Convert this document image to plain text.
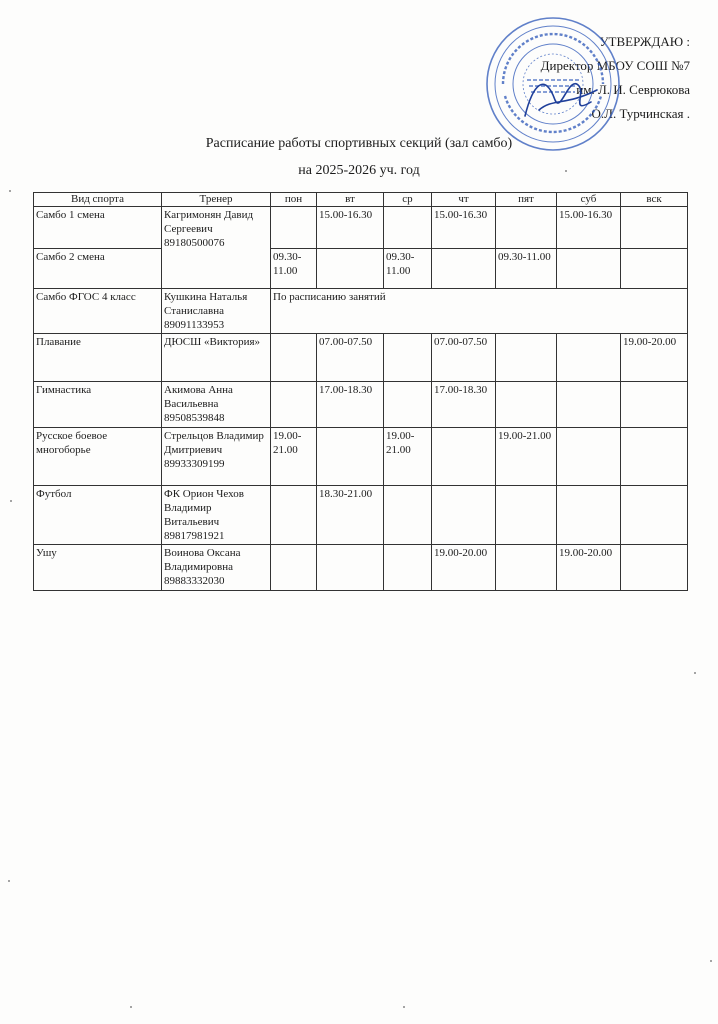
УТВЕРЖДАЮ :
Директор МБОУ СОШ №7
им. Л. И. Севрюкова
О.Л. Турчинская .
Расписание работы спортивных секций (зал самбо)
на 2025-2026 уч. год
Вид спорта	Тренер	пон	вт	ср	чт	пят	суб	вск
Самбо 1 смена	Кагримонян Давид Сергеевич 89180500076		15.00-16.30		15.00-16.30		15.00-16.30	
Самбо 2 смена		09.30-11.00		09.30-11.00		09.30-11.00		
Самбо ФГОС 4 класс	Кушкина Наталья Станиславна 89091133953	По расписанию занятий						
Плавание	ДЮСШ «Виктория»		07.00-07.50		07.00-07.50			19.00-20.00
Гимнастика	Акимова Анна Васильевна 89508539848		17.00-18.30		17.00-18.30			
Русское боевое многоборье	Стрельцов Владимир Дмитриевич 89933309199	19.00-21.00		19.00-21.00		19.00-21.00		
Футбол	ФК Орион Чехов Владимир Витальевич 89817981921		18.30-21.00					
Ушу	Воинова Оксана Владимировна 89883332030				19.00-20.00		19.00-20.00	
